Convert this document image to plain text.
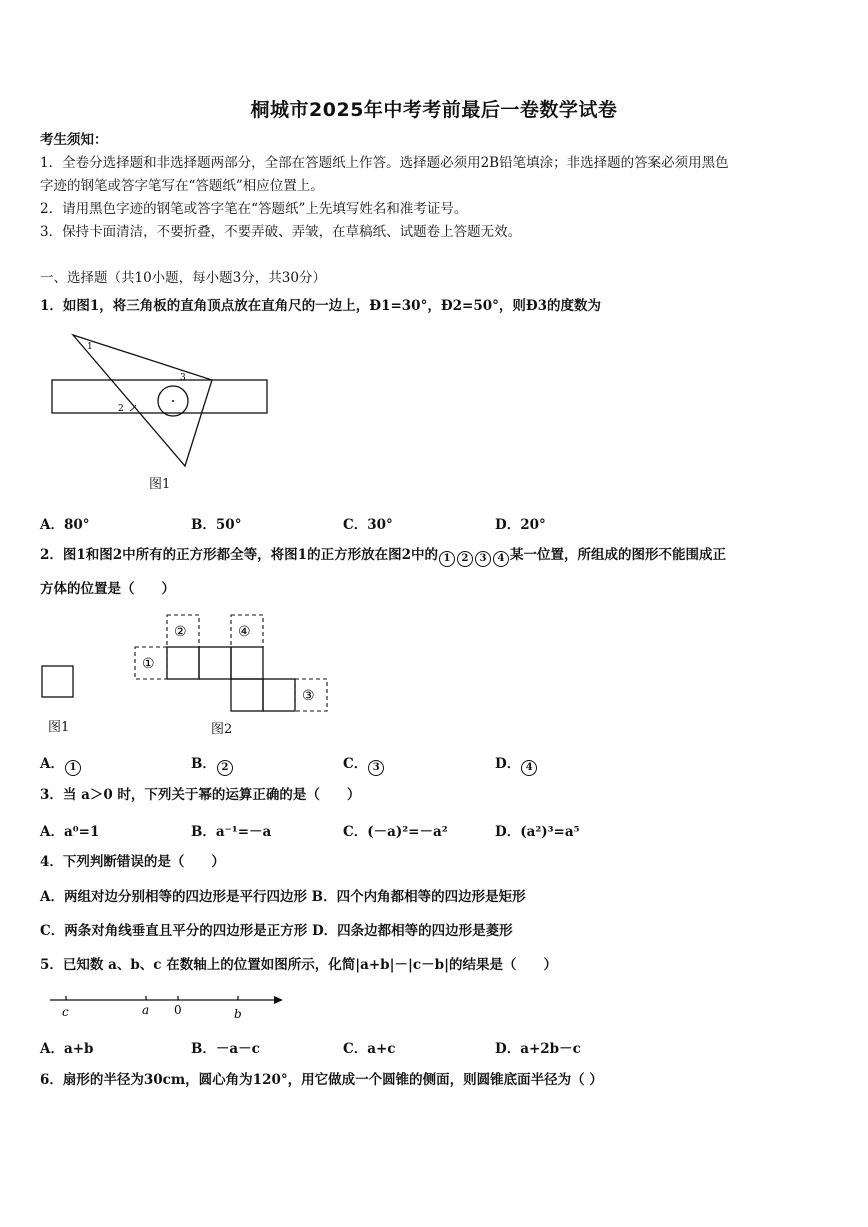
桐城市2025年中考考前最后一卷数学试卷
考生须知：
1．全卷分选择题和非选择题两部分，全部在答题纸上作答。选择题必须用2B铅笔填涂；非选择题的答案必须用黑色
字迹的钢笔或答字笔写在“答题纸”相应位置上。
2．请用黑色字迹的钢笔或答字笔在“答题纸”上先填写姓名和准考证号。
3．保持卡面清洁，不要折叠，不要弄破、弄皱，在草稿纸、试题卷上答题无效。
一、选择题（共10小题，每小题3分，共30分）
1．如图1，将三角板的直角顶点放在直角尺的一边上，Ð1=30°，Ð2=50°，则Ð3的度数为
1
2
3
图1
A．80°	B．50°	C．30°	D．20°
2．图1和图2中所有的正方形都全等，将图1的正方形放在图2中的 1 2 3 4 某一位置，所组成的图形不能围成正
方体的位置是（　　）
①
②	④
③
图1	图2
A． 1	B． 2	C． 3	D． 4
3．当 a＞0 时，下列关于幂的运算正确的是（　　）
A．a⁰=1	B．a⁻¹=－a	C．(－a)²=－a²	D．(a²)³=a⁵
4．下列判断错误的是（　　）
A．两组对边分别相等的四边形是平行四边形 B．四个内角都相等的四边形是矩形
C．两条对角线垂直且平分的四边形是正方形 D．四条边都相等的四边形是菱形
5．已知数 a、b、c 在数轴上的位置如图所示，化简|a+b|－|c－b|的结果是（　　）
c	a 0	b
A．a+b	B．－a－c	C．a+c	D．a+2b－c
6．扇形的半径为30cm，圆心角为120°，用它做成一个圆锥的侧面，则圆锥底面半径为（ ）
